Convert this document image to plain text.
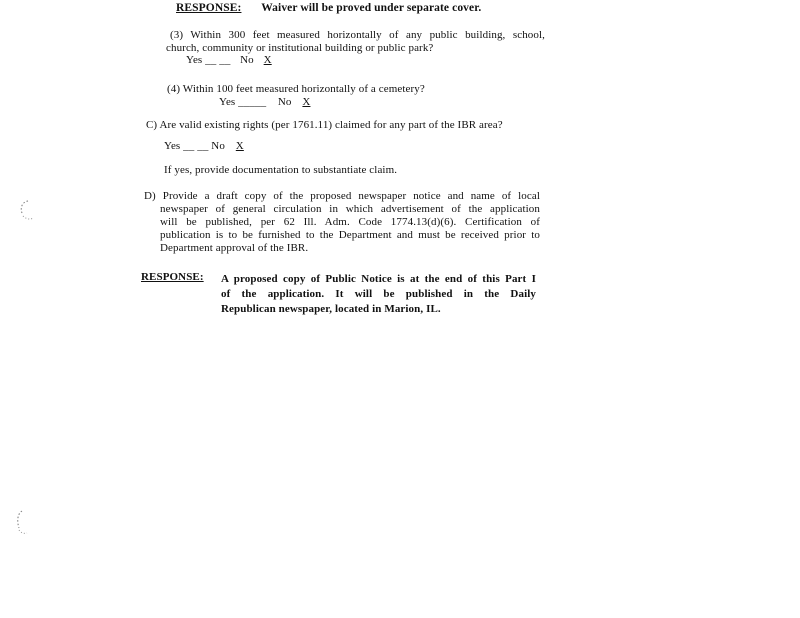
RESPONSE: Waiver will be proved under separate cover.
(3) Within 300 feet measured horizontally of any public building, school,
church, community or institutional building or public park?
Yes __ __ No X
(4) Within 100 feet measured horizontally of a cemetery?
Yes _____ No X
C) Are valid existing rights (per 1761.11) claimed for any part of the IBR area?
Yes __ __ No X
If yes, provide documentation to substantiate claim.
D) Provide a draft copy of the proposed newspaper notice and name of local
newspaper of general circulation in which advertisement of the application
will be published, per 62 Ill. Adm. Code 1774.13(d)(6). Certification of
publication is to be furnished to the Department and must be received prior to
Department approval of the IBR.
RESPONSE: A proposed copy of Public Notice is at the end of this Part I
of the application. It will be published in the Daily
Republican newspaper, located in Marion, IL.
